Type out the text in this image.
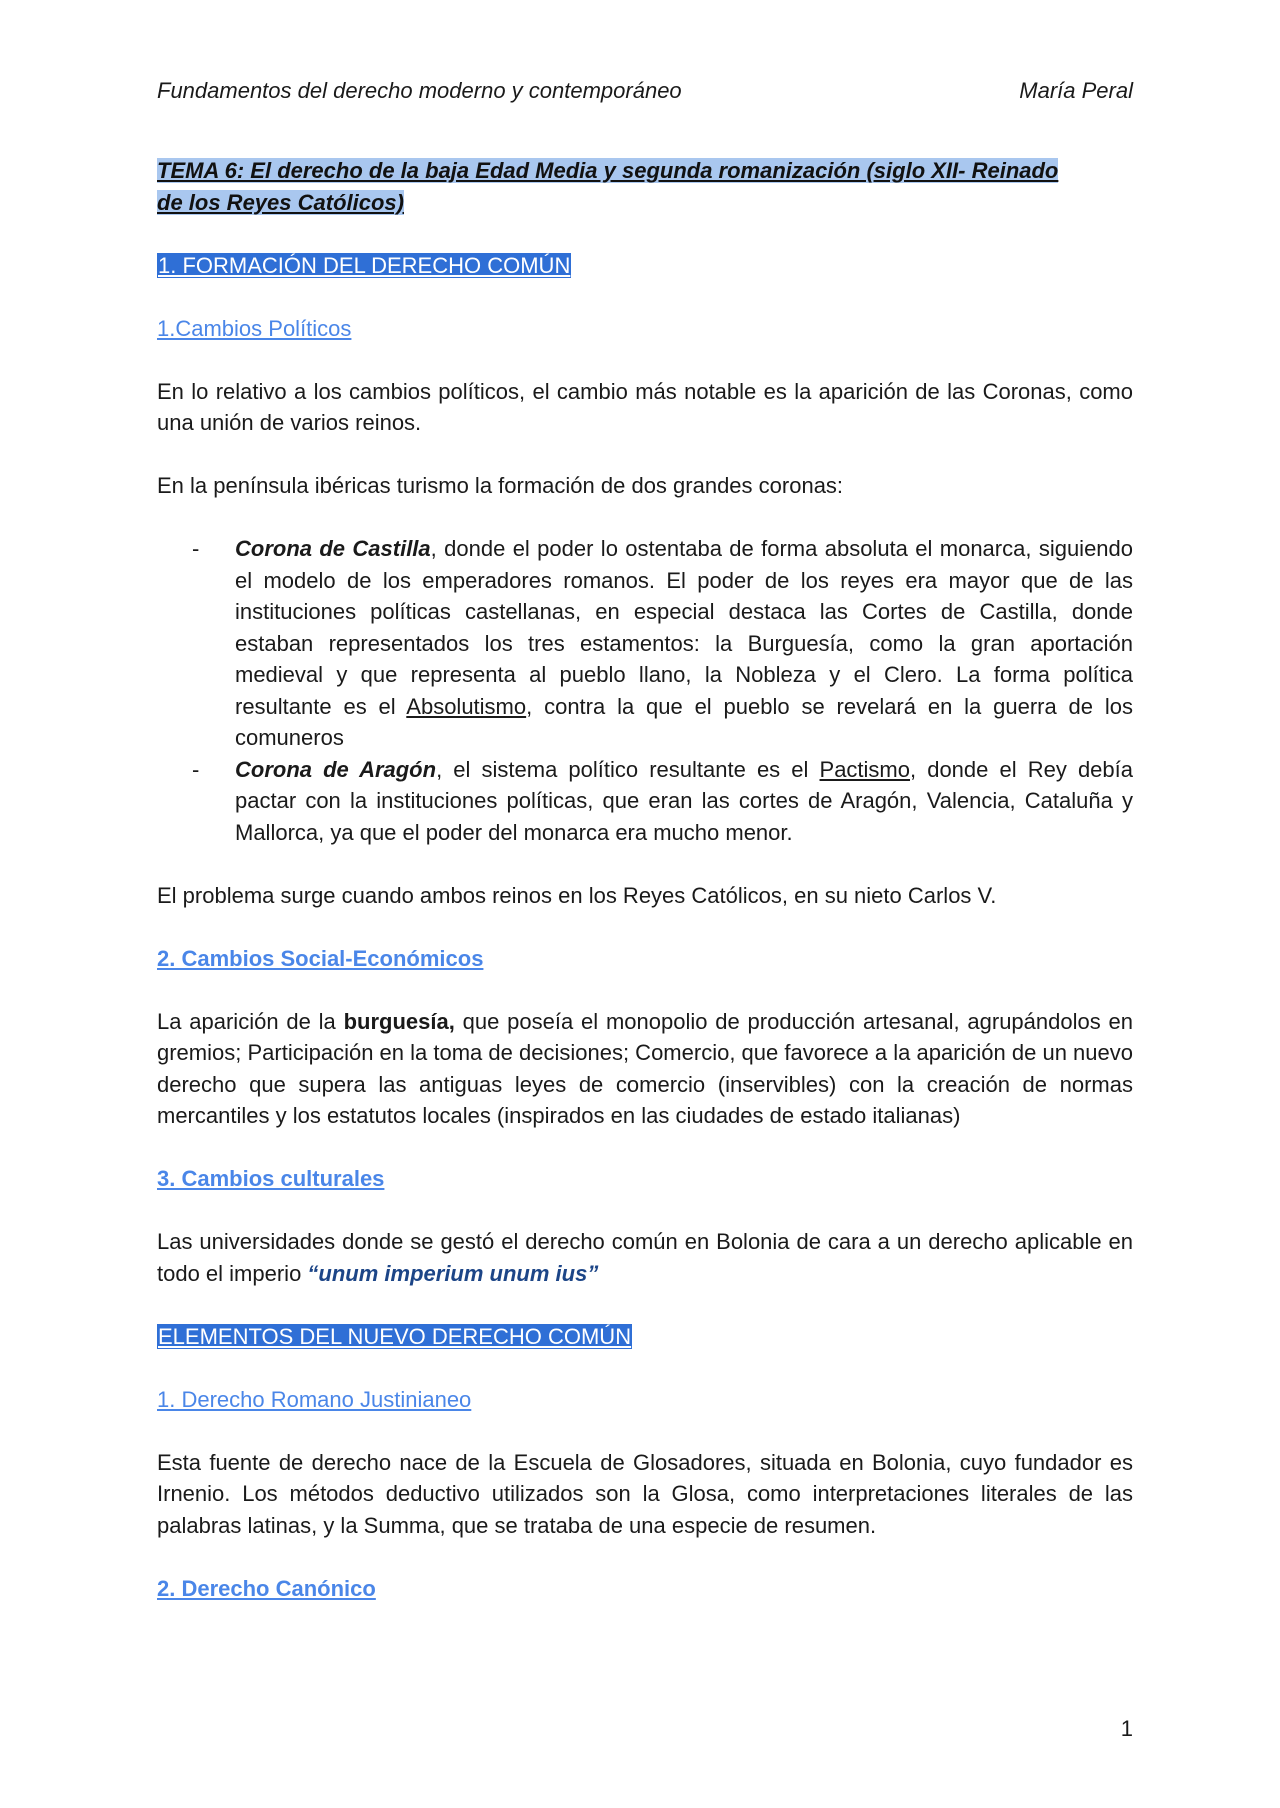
Fundamentos del derecho moderno y contemporáneo	María Peral

TEMA 6: El derecho de la baja Edad Media y segunda romanización (siglo XII- Reinado
de los Reyes Católicos)

1. FORMACIÓN DEL DERECHO COMÚN

1.Cambios Políticos

En lo relativo a los cambios políticos, el cambio más notable es la aparición de las Coronas, como una unión de varios reinos.

En la península ibéricas turismo la formación de dos grandes coronas:

- Corona de Castilla, donde el poder lo ostentaba de forma absoluta el monarca, siguiendo el modelo de los emperadores romanos. El poder de los reyes era mayor que de las instituciones políticas castellanas, en especial destaca las Cortes de Castilla, donde estaban representados los tres estamentos: la Burguesía, como la gran aportación medieval y que representa al pueblo llano, la Nobleza y el Clero. La forma política resultante es el Absolutismo, contra la que el pueblo se revelará en la guerra de los comuneros
- Corona de Aragón, el sistema político resultante es el Pactismo, donde el Rey debía pactar con la instituciones políticas, que eran las cortes de Aragón, Valencia, Cataluña y Mallorca, ya que el poder del monarca era mucho menor.

El problema surge cuando ambos reinos en los Reyes Católicos, en su nieto Carlos V.

2. Cambios Social-Económicos

La aparición de la burguesía, que poseía el monopolio de producción artesanal, agrupándolos en gremios; Participación en la toma de decisiones; Comercio, que favorece a la aparición de un nuevo derecho que supera las antiguas leyes de comercio (inservibles) con la creación de normas mercantiles y los estatutos locales (inspirados en las ciudades de estado italianas)

3. Cambios culturales

Las universidades donde se gestó el derecho común en Bolonia de cara a un derecho aplicable en todo el imperio “unum imperium unum ius”

ELEMENTOS DEL NUEVO DERECHO COMÚN

1. Derecho Romano Justinianeo

Esta fuente de derecho nace de la Escuela de Glosadores, situada en Bolonia, cuyo fundador es Irnenio. Los métodos deductivo utilizados son la Glosa, como interpretaciones literales de las palabras latinas, y la Summa, que se trataba de una especie de resumen.

2. Derecho Canónico

1
